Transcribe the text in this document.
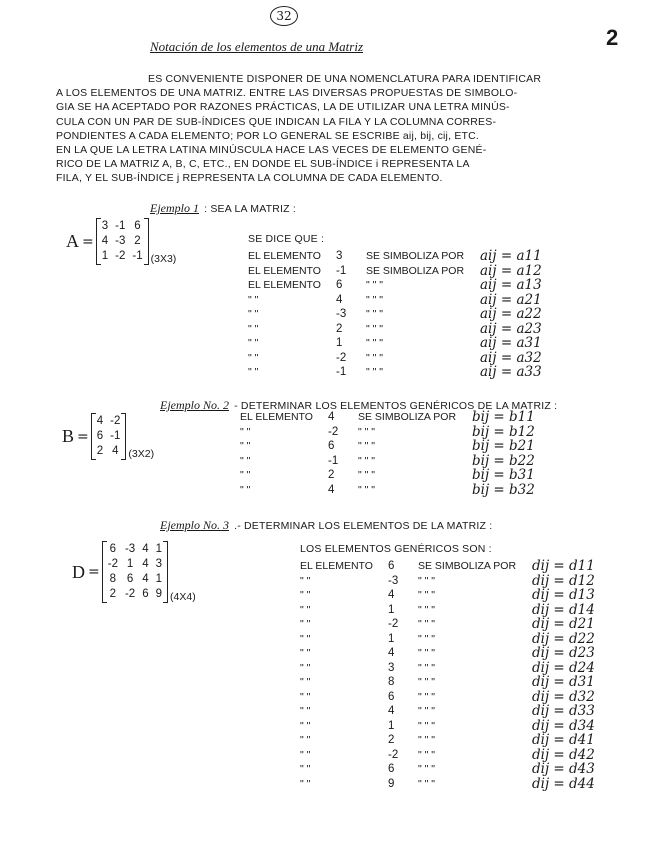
32
2
Notación de los elementos de una Matriz
ES CONVENIENTE DISPONER DE UNA NOMENCLATURA PARA IDENTIFICAR
A LOS ELEMENTOS DE UNA MATRIZ. ENTRE LAS DIVERSAS PROPUESTAS DE SIMBOLO-
GIA SE HA ACEPTADO POR RAZONES PRÁCTICAS, LA DE UTILIZAR UNA LETRA MINÚS-
CULA CON UN PAR DE SUB-ÍNDICES QUE INDICAN LA FILA Y LA COLUMNA CORRES-
PONDIENTES A CADA ELEMENTO; POR LO GENERAL SE ESCRIBE aij, bij, cij, ETC.
EN LA QUE LA LETRA LATINA MINÚSCULA HACE LAS VECES DE ELEMENTO GENÉ-
RICO DE LA MATRIZ A, B, C, ETC., EN DONDE EL SUB-ÍNDICE i REPRESENTA LA
FILA, Y EL SUB-ÍNDICE j REPRESENTA LA COLUMNA DE CADA ELEMENTO.
Ejemplo 1 : SEA LA MATRIZ :
A =
3 -1 6
4 -3 2
1 -2 -1 (3X3)
SE DICE QUE :
EL ELEMENTO 3 SE SIMBOLIZA POR aij = a11
EL ELEMENTO -1 SE SIMBOLIZA POR aij = a12
EL ELEMENTO 6 " " "	aij = a13
" "	4 " " "	aij = a21
" "	-3 " " "	aij = a22
" "	2 " " "	aij = a23
" "	1 " " "	aij = a31
" "	-2 " " "	aij = a32
" "	-1 " " "	aij = a33
Ejemplo No. 2 - DETERMINAR LOS ELEMENTOS GENÉRICOS DE LA MATRIZ :
B =
4 -2
6 -1
2 4 (3X2)
EL ELEMENTO 4 SE SIMBOLIZA POR bij = b11
" "	-2 " " "	bij = b12
" "	6 " " "	bij = b21
" "	-1 " " "	bij = b22
" "	2 " " "	bij = b31
" "	4 " " "	bij = b32
Ejemplo No. 3 .- DETERMINAR LOS ELEMENTOS DE LA MATRIZ :
D =
6 -3 4 1
-2 1 4 3
8 6 4 1
2 -2 6 9 (4X4)
LOS ELEMENTOS GENÉRICOS SON :
EL ELEMENTO 6 SE SIMBOLIZA POR dij = d11
" "	-3 " " "	dij = d12
" "	4 " " "	dij = d13
" "	1 " " "	dij = d14
" "	-2 " " "	dij = d21
" "	1 " " "	dij = d22
" "	4 " " "	dij = d23
" "	3 " " "	dij = d24
" "	8 " " "	dij = d31
" "	6 " " "	dij = d32
" "	4 " " "	dij = d33
" "	1 " " "	dij = d34
" "	2 " " "	dij = d41
" "	-2 " " "	dij = d42
" "	6 " " "	dij = d43
" "	9 " " "	dij = d44
